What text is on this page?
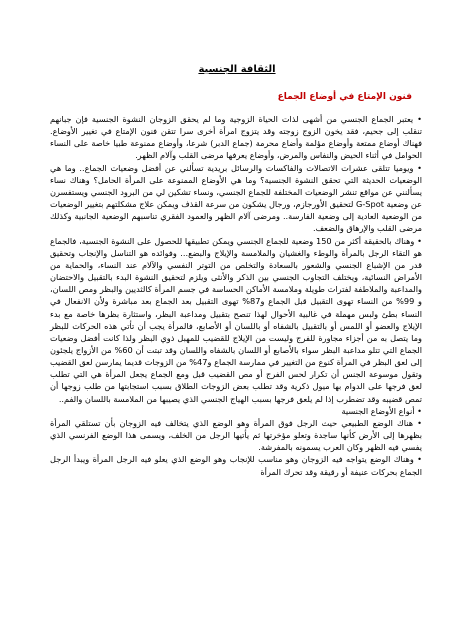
الثقافة الجنسية
فنون الإمتاع في أوضاع الجماع

• يعتبر الجماع الجنسي من أشهى لذات الحياة الزوجية وما لم يحقق الزوجان النشوة الجنسية فإن جبانهم تنقلب إلى جحيم، فقد يخون الزوج زوجته وقد يتزوج امرأة أخرى سرا تتقن فنون الإمتاع في تغيير الأوضاع. فهناك أوضاع ممتعة وأوضاع مؤلمة وأضاع محرمة (جماع الدبر) شرعا، وأوضاع ممنوعة طبيا خاصة على النساء الحوامل في أثناء الحيض والنفاس والمرض، وأوضاع يعرفها مرضى القلب وآلام الظهر.

• ويوميا تتلقى عشرات الاتصالات والفاكسات والرسائل بريدية تسألني عن أفضل وضعيات الجماع.. وما هي الوضعيات الحديثة التي تحقق النشوة الجنسية؟ وما هي الأوضاع الممنوعة على المرأة الحامل؟ وهناك نساء يسألنني عن مواقع تنشر الوضعيات المختلفة للجماع الجنسي، ونساء تشكين لي من البرود الجنسي ويستفسرن عن وضعية G-Spot لتحقيق الأورجازم، ورجال يشكون من سرعة القذف ويمكن علاج مشكلتهم بتغيير الوضعيات من الوضعية العادية إلى وضعية الفارسة.. ومرضى آلام الظهر والعمود الفقري تناسبهم الوضعية الجانبية وكذلك مرضى القلب والإرهاق والضعف.

• وهناك بالحقيقة أكثر من 150 وضعية للجماع الجنسي ويمكن تطبيقها للحصول على النشوة الجنسية، فالجماع هو التقاء الرجل بالمرأة والوطء والغشيان والملامسة والإيلاج والبضع... وفوائده هو التناسل والإنجاب وتحقيق قدر من الإشباع الجنسي والشعور بالسعادة والتخلص من التوتر النفسي والآلام عند النساء، والحماية من الأمراض النسائية، ويختلف التجاوب الجنسي بين الذكر والأنثى ويلزم لتحقيق النشوة البدء بالتقبيل والاحتضان والمداعبة والملاطفة لفترات طويلة وملامسة الأماكن الحساسة في جسم المرأة كالثديين والبظر ومص اللسان، و 99% من النساء تهوى التقبيل قبل الجماع و87% تهوى التقبيل بعد الجماع بعد مباشرة ولأن الانفعال في النساء بطئ ولبس مهملة في غالبية الأحوال لهذا تنصح بتقبيل ومداعبة البظر، واستثارة بظرها خاصة مع بدء الإيلاج والعضو أو اللمس أو بالتقبيل بالشفاه أو باللسان أو الأصابع، فالمرأة يجب أن تأتي هذه الحركات للبظر وما يتصل به من أجزاء مجاورة للفرج وليست من الإيلاج للقضيب للمهبل ذوي البظر ولذا كانت أفضل وضعيات الجماع التي تتلو مداعبة البظر سواء بالأصابع أو اللسان بالشفاه واللسان وقد تبتت أن 60% من الأزواج يلجئون إلى لعق البظر في المرأة كنوع من التغيير في ممارسة الجماع و47% من الزوجات قديما يمارسن لعق القضيب وتقول موسوعة الجنس أن تكرار لحس الفرج أو مص القضيب قبل ومع الجماع يجعل المرأة هي التي تطلب لعق فرجها على الدوام بها ميول ذكرية وقد تطلب بعض الزوجات الطلاق بسبب استجابتها من طلب زوجها أن تمص قضيبه وقد تضطرب إذا لم يلعق فرجها بسبب الهياج الجنسي الذي يصيبها من الملامسة باللسان والفم..

• أنواع الأوضاع الجنسية

• هناك الوضع الطبيعي حيث الرجل فوق المرأة وهو الوضع الذي يتخالف فيه الزوجان بأن تستلقي المرأة بظهرها إلى الأرض كأنها ساجدة وتعلو مؤخرتها ثم يأتيها الرجل من الخلف، ويسمى هذا الوضع الفرنسي الذي يفسي فيه الظهر وكان العرب يسمونه بالمفرشة.

• وهناك الوضع يتواجه فيه الزوجان وهو مناسب للإنجاب وهو الوضع الذي يعلو فيه الرجل المرأة ويبدأ الرجل الجماع بحركات عنيفة أو رقيقة وقد تحرك المرأة
